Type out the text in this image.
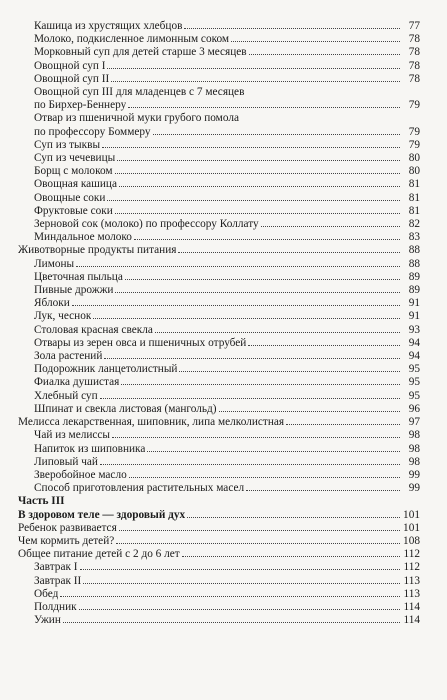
Кашица из хрустящих хлебцов	77
Молоко, подкисленное лимонным соком	78
Морковный суп для детей старше 3 месяцев	78
Овощной суп I	78
Овощной суп II	78
Овощной суп III для младенцев с 7 месяцев
по Бирхер-Беннеру	79
Отвар из пшеничной муки грубого помола
по профессору Боммеру	79
Суп из тыквы	79
Суп из чечевицы	80
Борщ с молоком	80
Овощная кашица	81
Овощные соки	81
Фруктовые соки	81
Зерновой сок (молоко) по профессору Коллату	82
Миндальное молоко	83
Животворные продукты питания	88
Лимоны	88
Цветочная пыльца	89
Пивные дрожжи	89
Яблоки	91
Лук, чеснок	91
Столовая красная свекла	93
Отвары из зерен овса и пшеничных отрубей	94
Зола растений	94
Подорожник ланцетолистный	95
Фиалка душистая	95
Хлебный суп	95
Шпинат и свекла листовая (мангольд)	96
Мелисса лекарственная, шиповник, липа мелколистная	97
Чай из мелиссы	98
Напиток из шиповника	98
Липовый чай	98
Зверобойное масло	99
Способ приготовления растительных масел	99
Часть III
В здоровом теле — здоровый дух	101
Ребенок развивается	101
Чем кормить детей?	108
Общее питание детей с 2 до 6 лет	112
Завтрак I	112
Завтрак II	113
Обед	113
Полдник	114
Ужин	114
